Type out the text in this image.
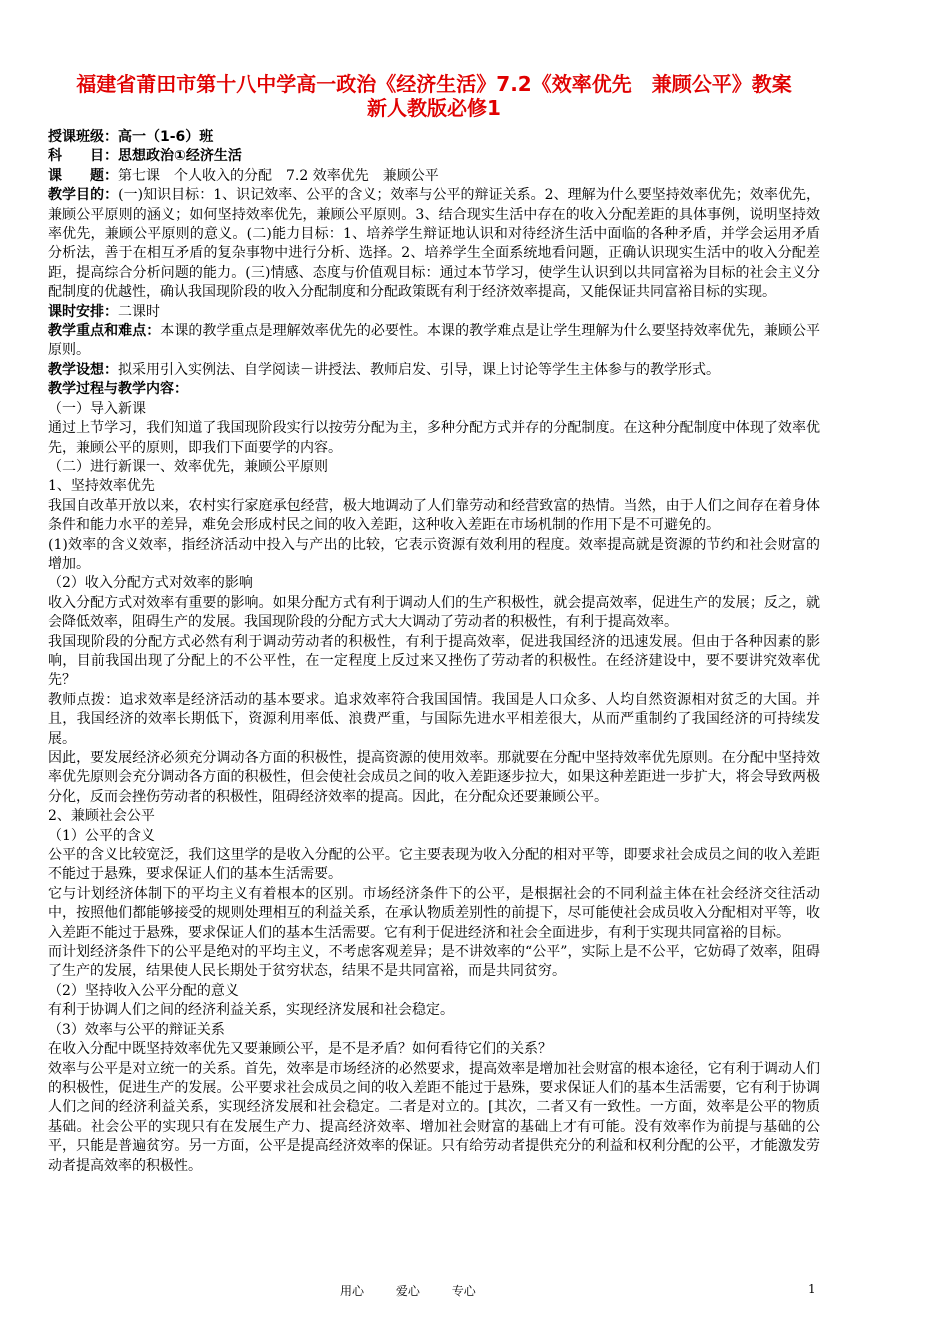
福建省莆田市第十八中学高一政治《经济生活》7.2《效率优先　兼顾公平》教案
新人教版必修1

授课班级：高一（1-6）班

科　　目：思想政治①经济生活

课　　题：第七课　个人收入的分配　7.2 效率优先　兼顾公平

教学目的：(一)知识目标：1、识记效率、公平的含义；效率与公平的辩证关系。2、理解为什么要坚持效率优先；效率优先，兼顾公平原则的涵义；如何坚持效率优先，兼顾公平原则。3、结合现实生活中存在的收入分配差距的具体事例，说明坚持效率优先，兼顾公平原则的意义。(二)能力目标：1、培养学生辩证地认识和对待经济生活中面临的各种矛盾，并学会运用矛盾分析法，善于在相互矛盾的复杂事物中进行分析、选择。2、培养学生全面系统地看问题，正确认识现实生活中的收入分配差距，提高综合分析问题的能力。(三)情感、态度与价值观目标：通过本节学习，使学生认识到以共同富裕为目标的社会主义分配制度的优越性，确认我国现阶段的收入分配制度和分配政策既有利于经济效率提高，又能保证共同富裕目标的实现。

课时安排：二课时

教学重点和难点：本课的教学重点是理解效率优先的必要性。本课的教学难点是让学生理解为什么要坚持效率优先，兼顾公平原则。

教学设想：拟采用引入实例法、自学阅读－讲授法、教师启发、引导，课上讨论等学生主体参与的教学形式。

教学过程与教学内容：

（一）导入新课

通过上节学习，我们知道了我国现阶段实行以按劳分配为主，多种分配方式并存的分配制度。在这种分配制度中体现了效率优先，兼顾公平的原则，即我们下面要学的内容。

（二）进行新课一、效率优先，兼顾公平原则

1、坚持效率优先

我国自改革开放以来，农村实行家庭承包经营，极大地调动了人们靠劳动和经营致富的热情。当然，由于人们之间存在着身体条件和能力水平的差异，难免会形成村民之间的收入差距，这种收入差距在市场机制的作用下是不可避免的。

(1)效率的含义效率，指经济活动中投入与产出的比较，它表示资源有效利用的程度。效率提高就是资源的节约和社会财富的增加。

（2）收入分配方式对效率的影响

收入分配方式对效率有重要的影响。如果分配方式有利于调动人们的生产积极性，就会提高效率，促进生产的发展；反之，就会降低效率，阻碍生产的发展。我国现阶段的分配方式大大调动了劳动者的积极性，有利于提高效率。

我国现阶段的分配方式必然有利于调动劳动者的积极性，有利于提高效率，促进我国经济的迅速发展。但由于各种因素的影响，目前我国出现了分配上的不公平性，在一定程度上反过来又挫伤了劳动者的积极性。在经济建设中，要不要讲究效率优先？

教师点拨：追求效率是经济活动的基本要求。追求效率符合我国国情。我国是人口众多、人均自然资源相对贫乏的大国。并且，我国经济的效率长期低下，资源利用率低、浪费严重，与国际先进水平相差很大，从而严重制约了我国经济的可持续发展。

因此，要发展经济必须充分调动各方面的积极性，提高资源的使用效率。那就要在分配中坚持效率优先原则。在分配中坚持效率优先原则会充分调动各方面的积极性，但会使社会成员之间的收入差距逐步拉大，如果这种差距进一步扩大，将会导致两极分化，反而会挫伤劳动者的积极性，阻碍经济效率的提高。因此，在分配众还要兼顾公平。

2、兼顾社会公平

（1）公平的含义

公平的含义比较宽泛，我们这里学的是收入分配的公平。它主要表现为收入分配的相对平等，即要求社会成员之间的收入差距不能过于悬殊，要求保证人们的基本生活需要。

它与计划经济体制下的平均主义有着根本的区别。市场经济条件下的公平，是根据社会的不同利益主体在社会经济交往活动中，按照他们都能够接受的规则处理相互的利益关系，在承认物质差别性的前提下，尽可能使社会成员收入分配相对平等，收入差距不能过于悬殊，要求保证人们的基本生活需要。它有利于促进经济和社会全面进步，有利于实现共同富裕的目标。

而计划经济条件下的公平是绝对的平均主义，不考虑客观差异；是不讲效率的“公平”，实际上是不公平，它妨碍了效率，阻碍了生产的发展，结果使人民长期处于贫穷状态，结果不是共同富裕，而是共同贫穷。

（2）坚持收入公平分配的意义

有利于协调人们之间的经济利益关系，实现经济发展和社会稳定。

（3）效率与公平的辩证关系

在收入分配中既坚持效率优先又要兼顾公平，是不是矛盾？如何看待它们的关系？

效率与公平是对立统一的关系。首先，效率是市场经济的必然要求，提高效率是增加社会财富的根本途径，它有利于调动人们的积极性，促进生产的发展。公平要求社会成员之间的收入差距不能过于悬殊，要求保证人们的基本生活需要，它有利于协调人们之间的经济利益关系，实现经济发展和社会稳定。二者是对立的。[其次，二者又有一致性。一方面，效率是公平的物质基础。社会公平的实现只有在发展生产力、提高经济效率、增加社会财富的基础上才有可能。没有效率作为前提与基础的公平，只能是普遍贫穷。另一方面，公平是提高经济效率的保证。只有给劳动者提供充分的利益和权利分配的公平，才能激发劳动者提高效率的积极性。

用心	爱心	专心	1
